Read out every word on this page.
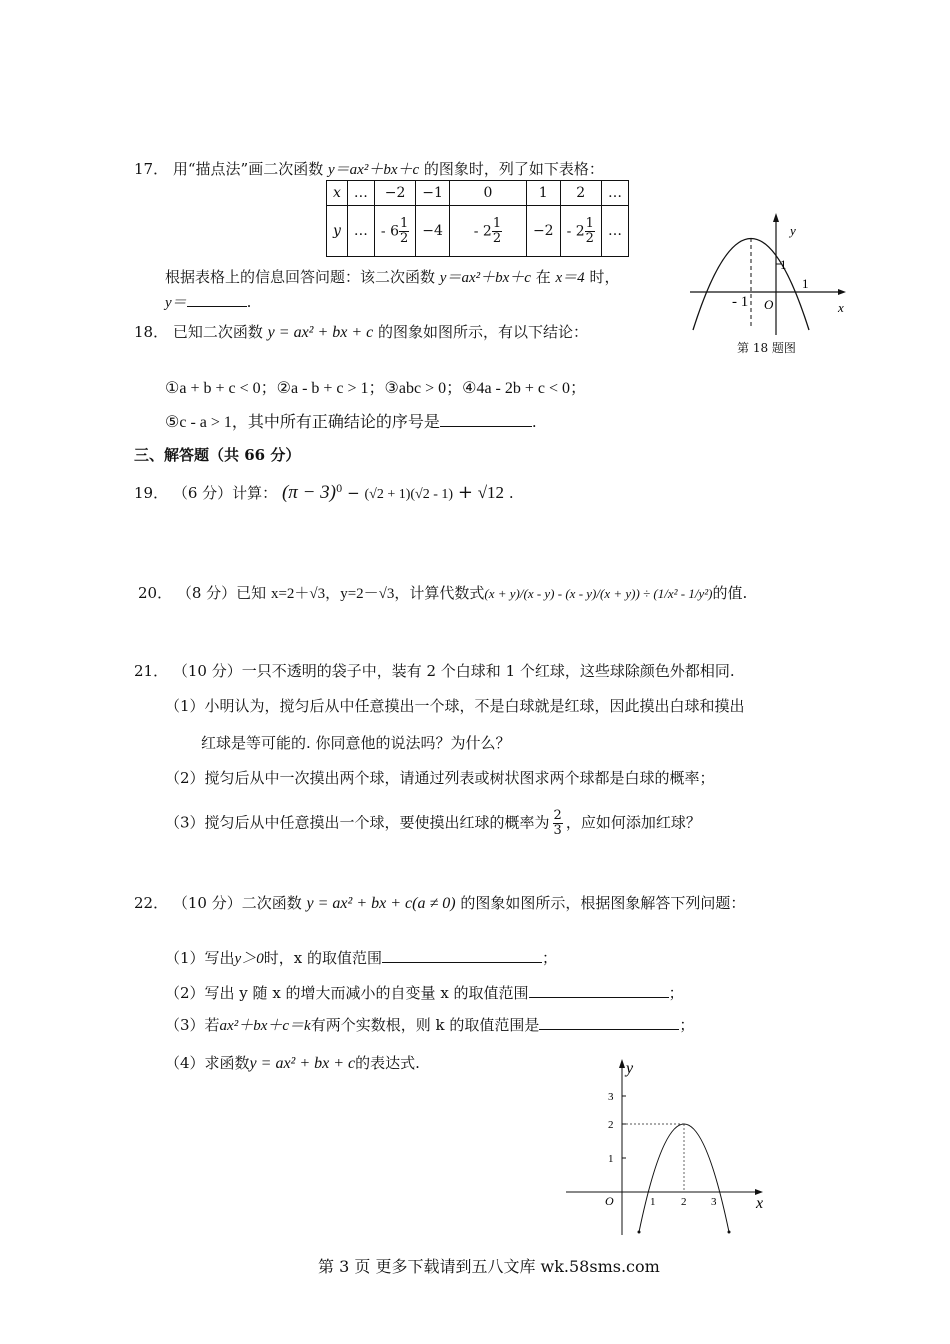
17． 用“描点法”画二次函数 y＝ax²＋bx＋c 的图象时，列了如下表格：
x	…	−2	−1	0	1	2	…
y	…	- $6 \frac{1}{2}$	−4	- $2 \frac{1}{2}$	−2	- $2 \frac{1}{2}$	…
根据表格上的信息回答问题：该二次函数 y＝ax²＋bx＋c 在 x＝4 时，
y＝	.
18． 已知二次函数 y = ax² + bx + c 的图象如图所示，有以下结论：
①a + b + c < 0；②a - b + c > 1；③abc > 0；④4a - 2b + c < 0；
⑤c - a > 1，其中所有正确结论的序号是	.
y
x
O
- 1
1
1
第 18 题图
三、解答题（共 66 分）
19． （6 分）计算： $(\pi - 3)^0 - (√2 + 1)(√2 - 1) + √12$ .
20． （8 分）已知 x=2＋√3，y=2－√3，计算代数式(x + y)/(x - y) - (x - y)/(x + y)) ÷ (1/x² - 1/y²)的值.
21． （10 分）一只不透明的袋子中，装有 2 个白球和 1 个红球，这些球除颜色外都相同.
（1）小明认为，搅匀后从中任意摸出一个球，不是白球就是红球，因此摸出白球和摸出
红球是等可能的. 你同意他的说法吗？为什么？
（2）搅匀后从中一次摸出两个球，请通过列表或树状图求两个球都是白球的概率；
（3）搅匀后从中任意摸出一个球，要使摸出红球的概率为 $\frac{2}{3}$ ，应如何添加红球？
22． （10 分）二次函数 y = ax² + bx + c(a ≠ 0) 的图象如图所示，根据图象解答下列问题：
（1）写出y＞0时，x 的取值范围	；
（2）写出 y 随 x 的增大而减小的自变量 x 的取值范围	；
（3）若ax²＋bx＋c＝k有两个实数根，则 k 的取值范围是	；
（4）求函数y = ax² + bx + c的表达式.	y
x
O
3
2
1
1 2 3
第 3 页 更多下载请到五八文库 wk.58sms.com
